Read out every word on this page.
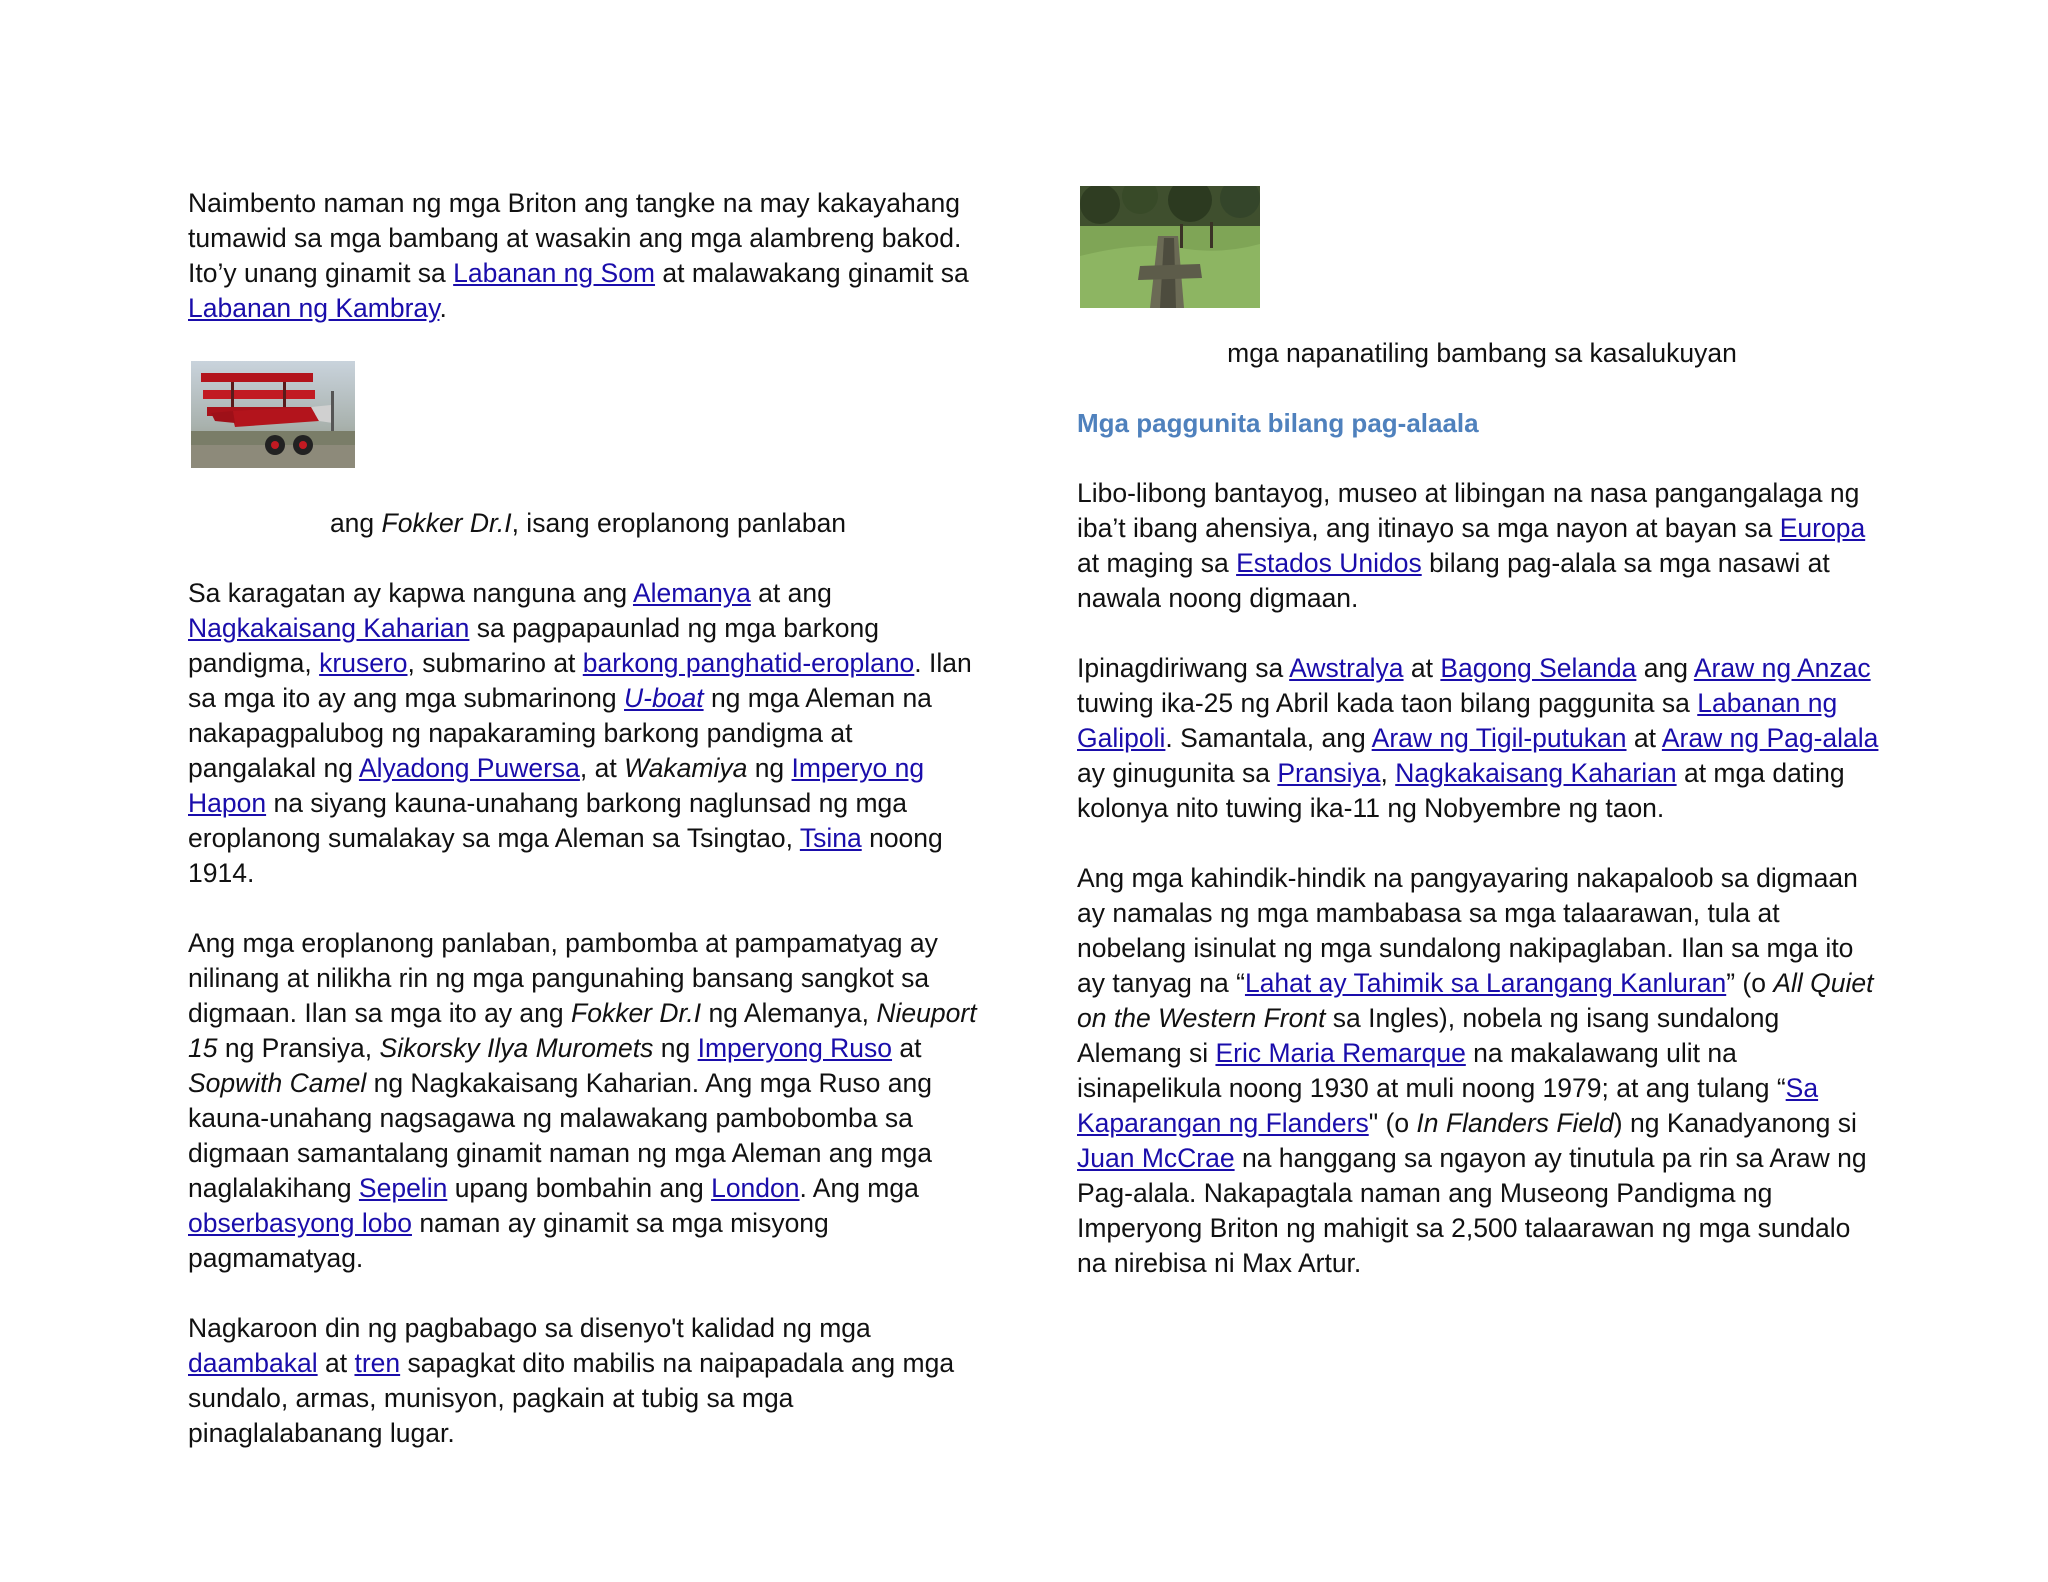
Naimbento naman ng mga Briton ang tangke na may kakayahang tumawid sa mga bambang at wasakin ang mga alambreng bakod. Ito’y unang ginamit sa Labanan ng Som at malawakang ginamit sa Labanan ng Kambray.

ang Fokker Dr.I, isang eroplanong panlaban

Sa karagatan ay kapwa nanguna ang Alemanya at ang Nagkakaisang Kaharian sa pagpapaunlad ng mga barkong pandigma, krusero, submarino at barkong panghatid-eroplano. Ilan sa mga ito ay ang mga submarinong U-boat ng mga Aleman na nakapagpalubog ng napakaraming barkong pandigma at pangalakal ng Alyadong Puwersa, at Wakamiya ng Imperyo ng Hapon na siyang kauna-unahang barkong naglunsad ng mga eroplanong sumalakay sa mga Aleman sa Tsingtao, Tsina noong 1914.

Ang mga eroplanong panlaban, pambomba at pampamatyag ay nilinang at nilikha rin ng mga pangunahing bansang sangkot sa digmaan. Ilan sa mga ito ay ang Fokker Dr.I ng Alemanya, Nieuport 15 ng Pransiya, Sikorsky Ilya Muromets ng Imperyong Ruso at Sopwith Camel ng Nagkakaisang Kaharian. Ang mga Ruso ang kauna-unahang nagsagawa ng malawakang pambobomba sa digmaan samantalang ginamit naman ng mga Aleman ang mga naglalakihang Sepelin upang bombahin ang London. Ang mga obserbasyong lobo naman ay ginamit sa mga misyong pagmamatyag.

Nagkaroon din ng pagbabago sa disenyo't kalidad ng mga daambakal at tren sapagkat dito mabilis na naipapadala ang mga sundalo, armas, munisyon, pagkain at tubig sa mga pinaglalabanang lugar.

mga napanatiling bambang sa kasalukuyan

Mga paggunita bilang pag-alaala

Libo-libong bantayog, museo at libingan na nasa pangangalaga ng iba’t ibang ahensiya, ang itinayo sa mga nayon at bayan sa Europa at maging sa Estados Unidos bilang pag-alala sa mga nasawi at nawala noong digmaan.

Ipinagdiriwang sa Awstralya at Bagong Selanda ang Araw ng Anzac tuwing ika-25 ng Abril kada taon bilang paggunita sa Labanan ng Galipoli. Samantala, ang Araw ng Tigil-putukan at Araw ng Pag-alala ay ginugunita sa Pransiya, Nagkakaisang Kaharian at mga dating kolonya nito tuwing ika-11 ng Nobyembre ng taon.

Ang mga kahindik-hindik na pangyayaring nakapaloob sa digmaan ay namalas ng mga mambabasa sa mga talaarawan, tula at nobelang isinulat ng mga sundalong nakipaglaban. Ilan sa mga ito ay tanyag na “Lahat ay Tahimik sa Larangang Kanluran” (o All Quiet on the Western Front sa Ingles), nobela ng isang sundalong Alemang si Eric Maria Remarque na makalawang ulit na isinapelikula noong 1930 at muli noong 1979; at ang tulang “Sa Kaparangan ng Flanders" (o In Flanders Field) ng Kanadyanong si Juan McCrae na hanggang sa ngayon ay tinutula pa rin sa Araw ng Pag-alala. Nakapagtala naman ang Museong Pandigma ng Imperyong Briton ng mahigit sa 2,500 talaarawan ng mga sundalo na nirebisa ni Max Artur.
